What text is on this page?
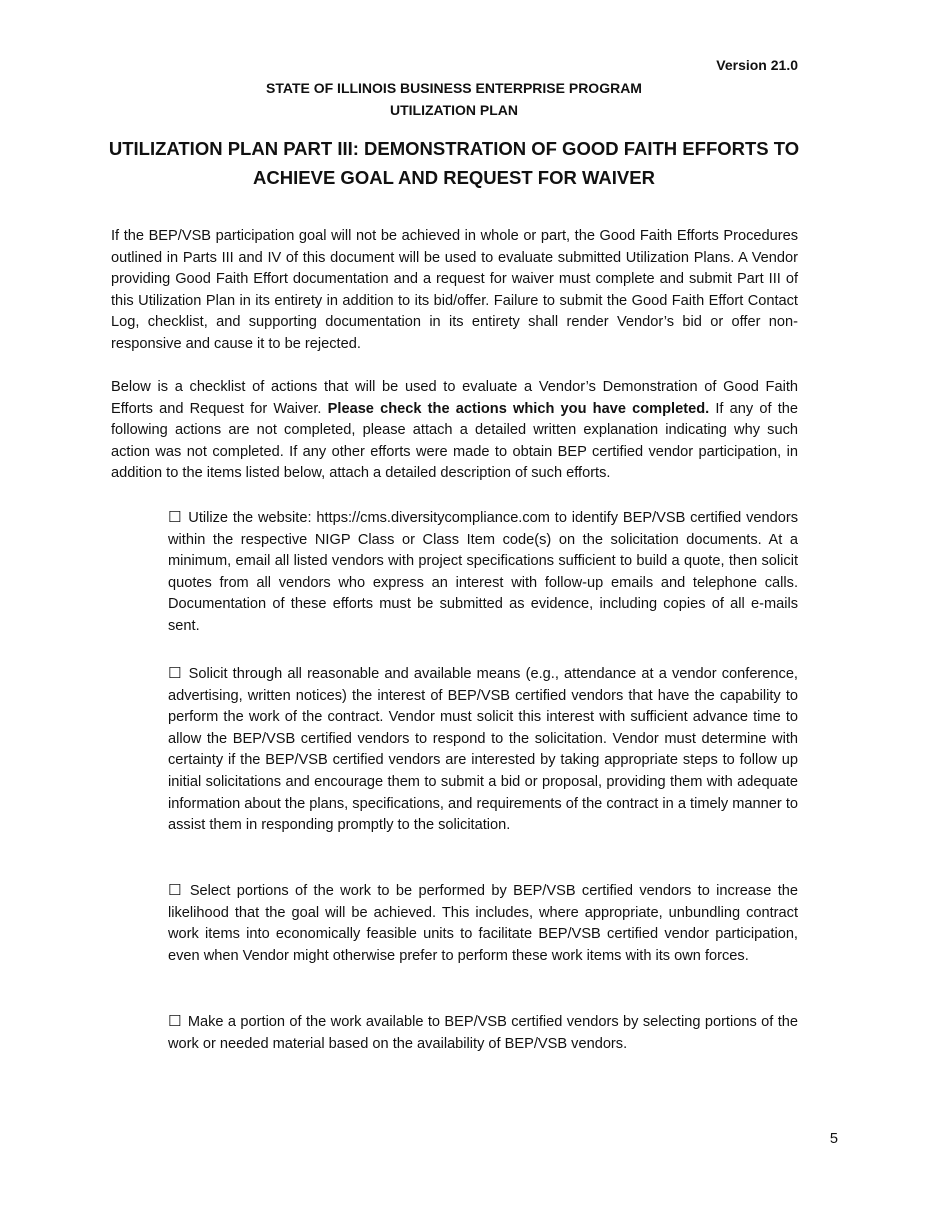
Version 21.0
STATE OF ILLINOIS BUSINESS ENTERPRISE PROGRAM
UTILIZATION PLAN
UTILIZATION PLAN PART III: DEMONSTRATION OF GOOD FAITH EFFORTS TO ACHIEVE GOAL AND REQUEST FOR WAIVER
If the BEP/VSB participation goal will not be achieved in whole or part, the Good Faith Efforts Procedures outlined in Parts III and IV of this document will be used to evaluate submitted Utilization Plans. A Vendor providing Good Faith Effort documentation and a request for waiver must complete and submit Part III of this Utilization Plan in its entirety in addition to its bid/offer. Failure to submit the Good Faith Effort Contact Log, checklist, and supporting documentation in its entirety shall render Vendor’s bid or offer non-responsive and cause it to be rejected.
Below is a checklist of actions that will be used to evaluate a Vendor’s Demonstration of Good Faith Efforts and Request for Waiver. Please check the actions which you have completed. If any of the following actions are not completed, please attach a detailed written explanation indicating why such action was not completed. If any other efforts were made to obtain BEP certified vendor participation, in addition to the items listed below, attach a detailed description of such efforts.
☐ Utilize the website: https://cms.diversitycompliance.com to identify BEP/VSB certified vendors within the respective NIGP Class or Class Item code(s) on the solicitation documents. At a minimum, email all listed vendors with project specifications sufficient to build a quote, then solicit quotes from all vendors who express an interest with follow-up emails and telephone calls. Documentation of these efforts must be submitted as evidence, including copies of all e-mails sent.
☐ Solicit through all reasonable and available means (e.g., attendance at a vendor conference, advertising, written notices) the interest of BEP/VSB certified vendors that have the capability to perform the work of the contract. Vendor must solicit this interest with sufficient advance time to allow the BEP/VSB certified vendors to respond to the solicitation. Vendor must determine with certainty if the BEP/VSB certified vendors are interested by taking appropriate steps to follow up initial solicitations and encourage them to submit a bid or proposal, providing them with adequate information about the plans, specifications, and requirements of the contract in a timely manner to assist them in responding promptly to the solicitation.
☐ Select portions of the work to be performed by BEP/VSB certified vendors to increase the likelihood that the goal will be achieved. This includes, where appropriate, unbundling contract work items into economically feasible units to facilitate BEP/VSB certified vendor participation, even when Vendor might otherwise prefer to perform these work items with its own forces.
☐ Make a portion of the work available to BEP/VSB certified vendors by selecting portions of the work or needed material based on the availability of BEP/VSB vendors.
5
